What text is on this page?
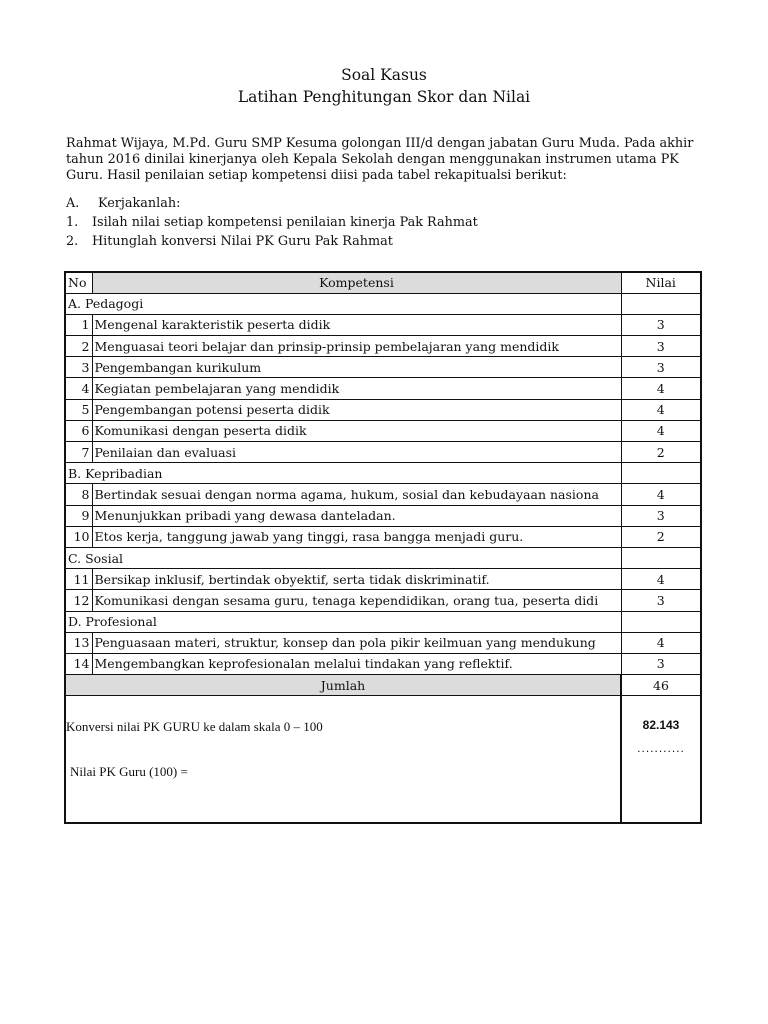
Soal Kasus
Latihan Penghitungan Skor dan Nilai
Rahmat Wijaya, M.Pd. Guru SMP Kesuma golongan III/d dengan jabatan Guru Muda. Pada akhir
tahun 2016 dinilai kinerjanya oleh Kepala Sekolah dengan menggunakan instrumen utama PK
Guru. Hasil penilaian setiap kompetensi diisi pada tabel rekapitualsi berikut:
A. Kerjakanlah:
1. Isilah nilai setiap kompetensi penilaian kinerja Pak Rahmat
2. Hitunglah konversi Nilai PK Guru Pak Rahmat
No	Kompetensi	Nilai
A. Pedagogi		
1	Mengenal karakteristik peserta didik	3
2	Menguasai teori belajar dan prinsip-prinsip pembelajaran yang mendidik	3
3	Pengembangan kurikulum	3
4	Kegiatan pembelajaran yang mendidik	4
5	Pengembangan potensi peserta didik	4
6	Komunikasi dengan peserta didik	4
7	Penilaian dan evaluasi	2
B. Kepribadian		
8	Bertindak sesuai dengan norma agama, hukum, sosial dan kebudayaan nasiona	4
9	Menunjukkan pribadi yang dewasa danteladan.	3
10	Etos kerja, tanggung jawab yang tinggi, rasa bangga menjadi guru.	2
C. Sosial		
11	Bersikap inklusif, bertindak obyektif, serta tidak diskriminatif.	4
12	Komunikasi dengan sesama guru, tenaga kependidikan, orang tua, peserta didi	3
D. Profesional		
13	Penguasaan materi, struktur, konsep dan pola pikir keilmuan yang mendukung	4
14	Mengembangkan keprofesionalan melalui tindakan yang reflektif.	3
Jumlah		46

Konversi nilai PK GURU ke dalam skala 0 – 100
Nilai PK Guru (100) =		82.143
...........
